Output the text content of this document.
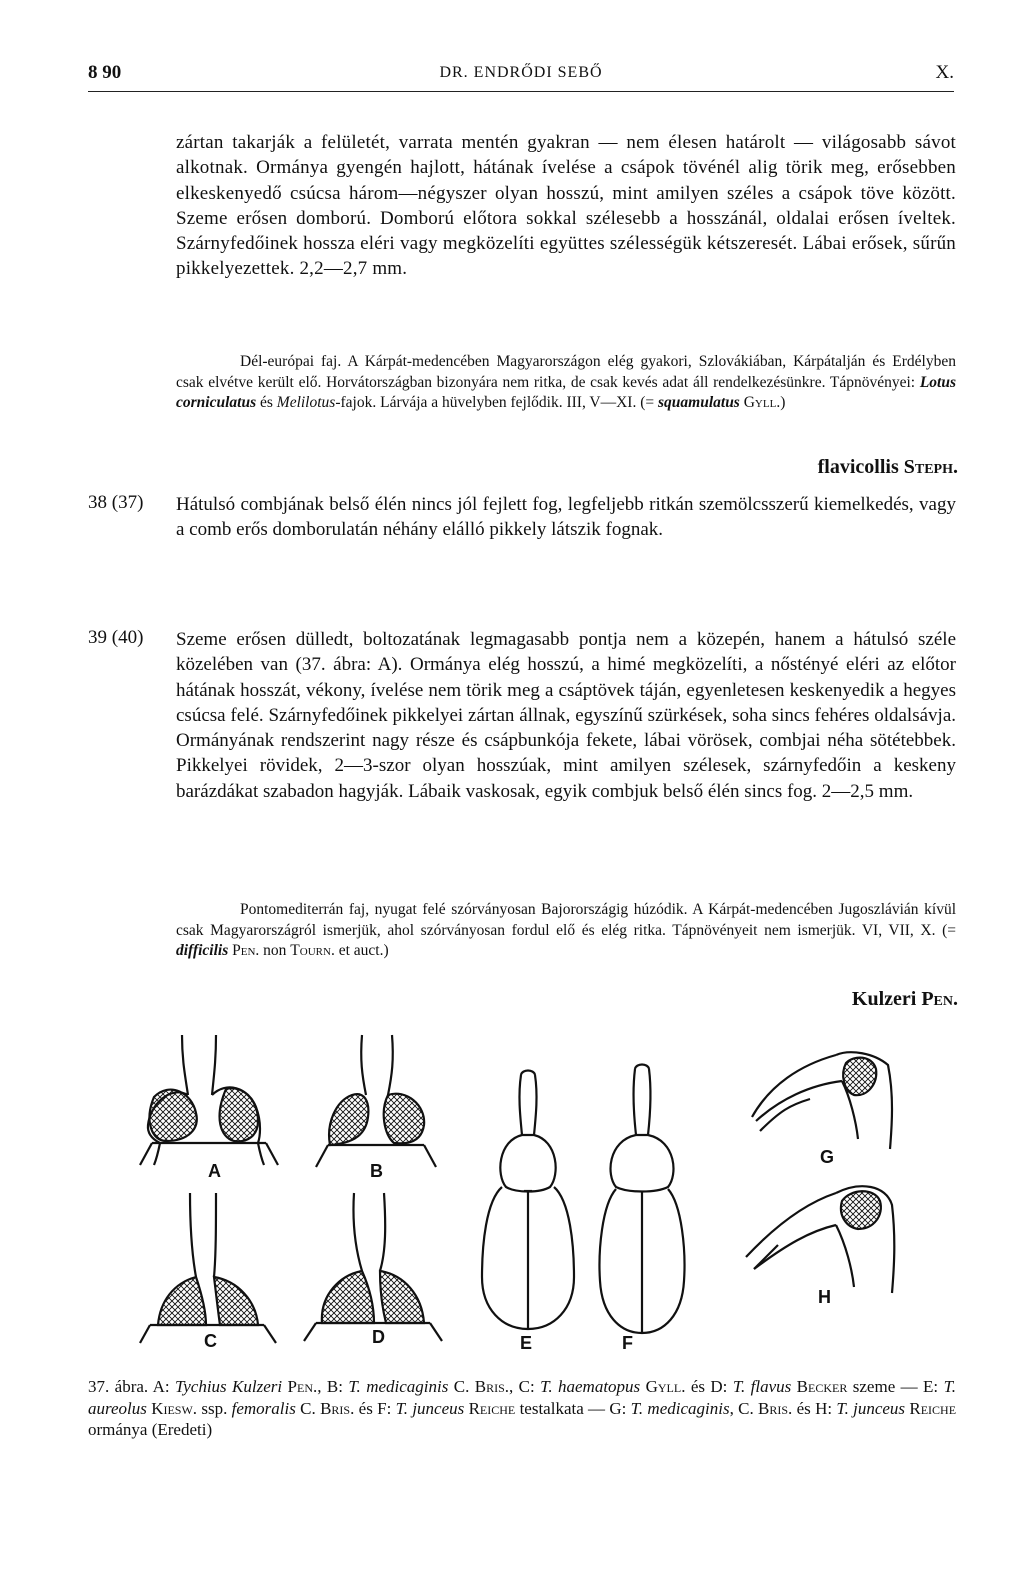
8 90	DR. ENDRŐDI SEBŐ	X.

zártan takarják a felületét, varrata mentén gyakran — nem élesen határolt — világosabb sávot alkotnak. Ormánya gyengén hajlott, hátának ívelése a csápok tövénél alig törik meg, erősebben elkeskenyedő csúcsa három—négyszer olyan hosszú, mint amilyen széles a csápok töve között. Szeme erősen domború. Domború előtora sokkal szélesebb a hosszánál, oldalai erősen íveltek. Szárnyfedőinek hossza eléri vagy megközelíti együttes szélességük kétszeresét. Lábai erősek, sűrűn pikkelyezettek. 2,2—2,7 mm.

Dél-európai faj. A Kárpát-medencében Magyarországon elég gyakori, Szlovákiában, Kárpátalján és Erdélyben csak elvétve került elő. Horvátországban bizonyára nem ritka, de csak kevés adat áll rendelkezésünkre. Tápnövényei: Lotus corniculatus és Melilotus-fajok. Lárvája a hüvelyben fejlődik. III, V—XI. (= squamulatus Gyll.)

flavicollis Steph.
38 (37) Hátulsó combjának belső élén nincs jól fejlett fog, legfeljebb ritkán szemölcsszerű kiemelkedés, vagy a comb erős domborulatán néhány elálló pikkely látszik fognak.

39 (40) Szeme erősen dülledt, boltozatának legmagasabb pontja nem a közepén, hanem a hátulsó széle közelében van (37. ábra: A). Ormánya elég hosszú, a himé megközelíti, a nőstényé eléri az előtor hátának hosszát, vékony, ívelése nem törik meg a csáptövek táján, egyenletesen keskenyedik a hegyes csúcsa felé. Szárnyfedőinek pikkelyei zártan állnak, egyszínű szürkések, soha sincs fehéres oldalsávja. Ormányának rendszerint nagy része és csápbunkója fekete, lábai vörösek, combjai néha sötétebbek. Pikkelyei rövidek, 2—3-szor olyan hosszúak, mint amilyen szélesek, szárnyfedőin a keskeny barázdákat szabadon hagyják. Lábaik vaskosak, egyik combjuk belső élén sincs fog. 2—2,5 mm.

Pontomediterrán faj, nyugat felé szórványosan Bajorországig húzódik. A Kárpát-medencében Jugoszlávián kívül csak Magyarországról ismerjük, ahol szórványosan fordul elő és elég ritka. Tápnövényeit nem ismerjük. VI, VII, X. (= difficilis Pen. non Tourn. et auct.)

Kulzeri Pen.
A	B
C	D	E	F
G
H

37. ábra. A: Tychius Kulzeri Pen., B: T. medicaginis C. Bris., C: T. haematopus Gyll. és D: T. flavus Becker szeme — E: T. aureolus Kiesw. ssp. femoralis C. Bris. és F: T. junceus Reiche testalkata — G: T. medicaginis, C. Bris. és H: T. junceus Reiche ormánya (Eredeti)
